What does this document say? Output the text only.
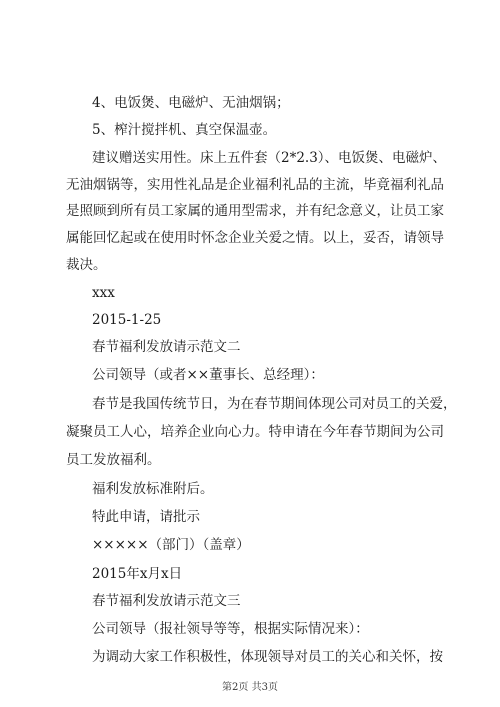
4、电饭煲、电磁炉、无油烟锅；
5、榨汁搅拌机、真空保温壶。
建议赠送实用性。床上五件套（2*2.3）、电饭煲、电磁炉、
无油烟锅等，实用性礼品是企业福利礼品的主流，毕竟福利礼品
是照顾到所有员工家属的通用型需求，并有纪念意义，让员工家
属能回忆起或在使用时怀念企业关爱之情。以上，妥否，请领导
裁决。
xxx
2015-1-25
春节福利发放请示范文二
公司领导（或者××董事长、总经理）：
春节是我国传统节日，为在春节期间体现公司对员工的关爱，
凝聚员工人心，培养企业向心力。特申请在今年春节期间为公司
员工发放福利。
福利发放标准附后。
特此申请，请批示
×××××（部门）（盖章）
2015年x月x日
春节福利发放请示范文三
公司领导（报社领导等等，根据实际情况来）：
为调动大家工作积极性，体现领导对员工的关心和关怀，按
第2页 共3页
